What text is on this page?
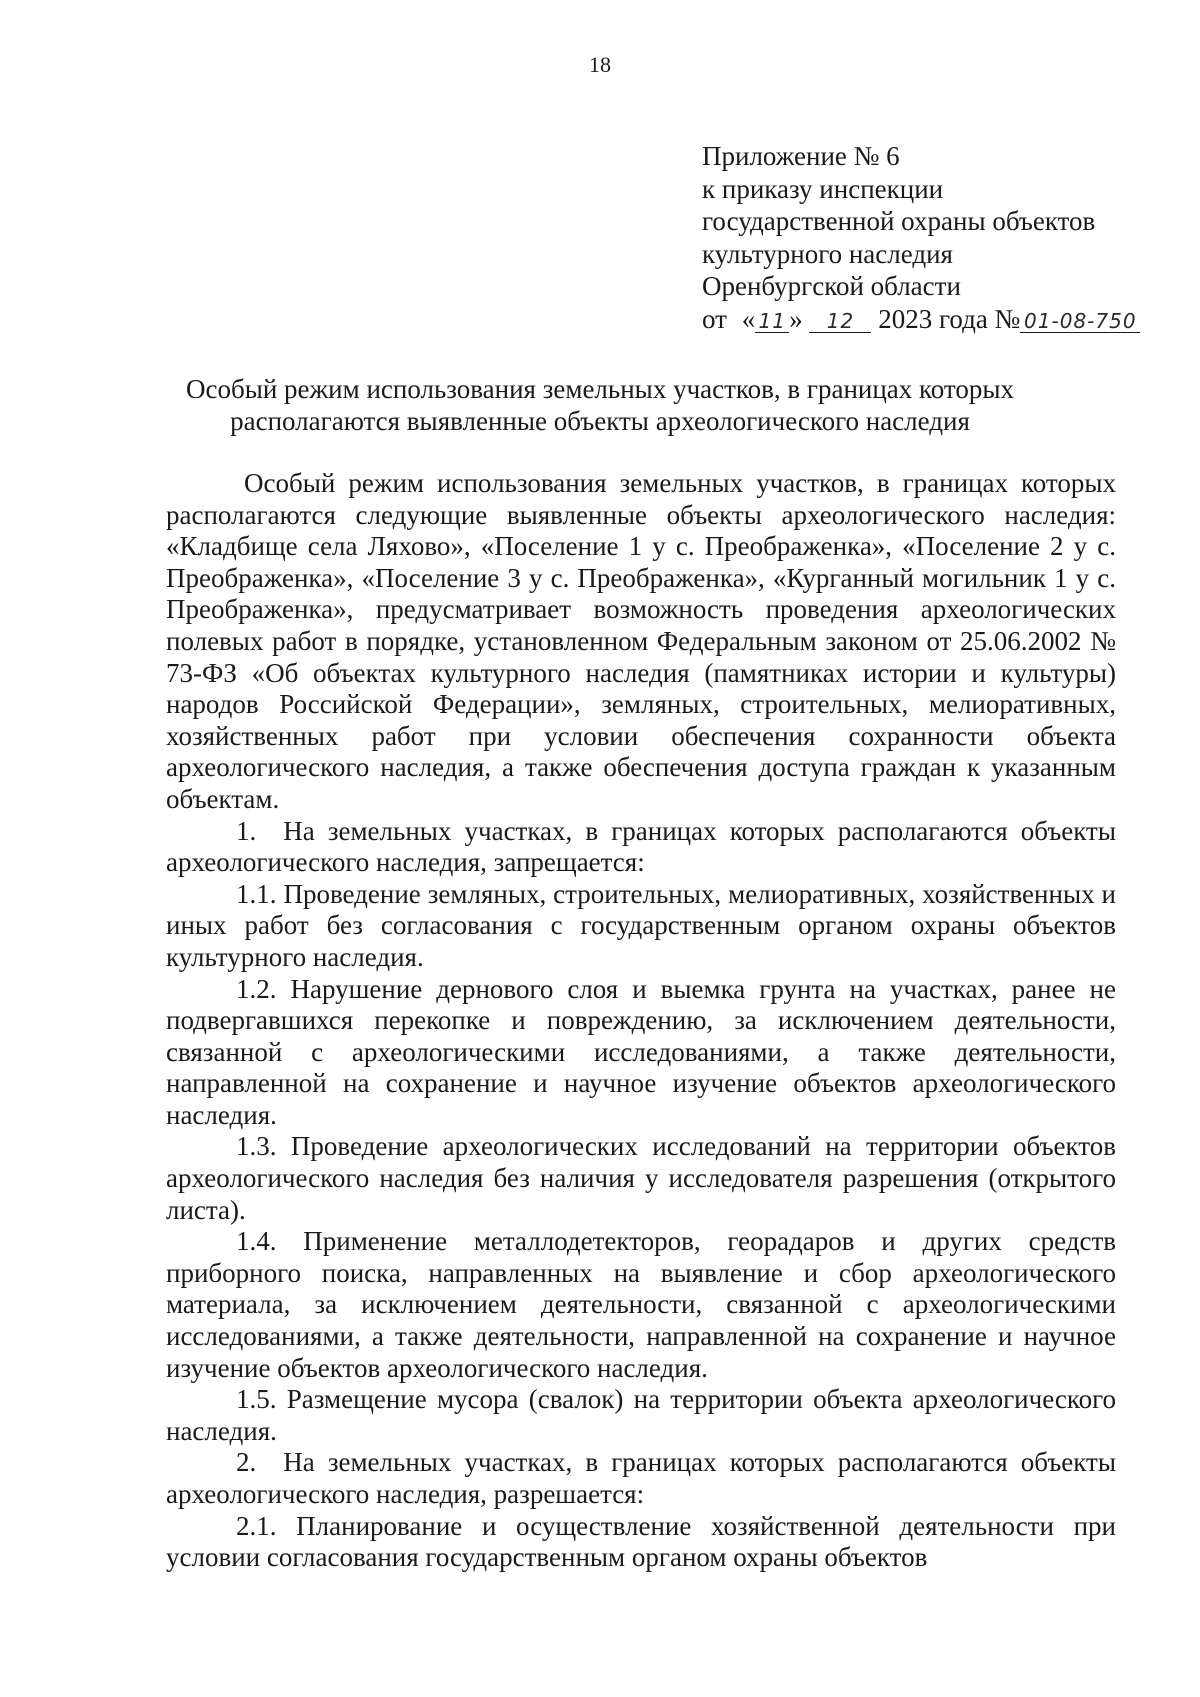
18
Приложение № 6
к приказу инспекции
государственной охраны объектов
культурного наследия
Оренбургской области
от « 11 » 12 2023 года № 01-08-750
Особый режим использования земельных участков, в границах которых
располагаются выявленные объекты археологического наследия

Особый режим использования земельных участков, в границах которых располагаются следующие выявленные объекты археологического наследия: «Кладбище села Ляхово», «Поселение 1 у с. Преображенка», «Поселение 2 у с. Преображенка», «Поселение 3 у с. Преображенка», «Курганный могильник 1 у с. Преображенка», предусматривает возможность проведения археологических полевых работ в порядке, установленном Федеральным законом от 25.06.2002 № 73-ФЗ «Об объектах культурного наследия (памятниках истории и культуры) народов Российской Федерации», земляных, строительных, мелиоративных, хозяйственных работ при условии обеспечения сохранности объекта археологического наследия, а также обеспечения доступа граждан к указанным объектам.

1. На земельных участках, в границах которых располагаются объекты археологического наследия, запрещается:

1.1. Проведение земляных, строительных, мелиоративных, хозяйственных и иных работ без согласования с государственным органом охраны объектов культурного наследия.

1.2. Нарушение дернового слоя и выемка грунта на участках, ранее не подвергавшихся перекопке и повреждению, за исключением деятельности, связанной с археологическими исследованиями, а также деятельности, направленной на сохранение и научное изучение объектов археологического наследия.

1.3. Проведение археологических исследований на территории объектов археологического наследия без наличия у исследователя разрешения (открытого листа).

1.4. Применение металлодетекторов, георадаров и других средств приборного поиска, направленных на выявление и сбор археологического материала, за исключением деятельности, связанной с археологическими исследованиями, а также деятельности, направленной на сохранение и научное изучение объектов археологического наследия.

1.5. Размещение мусора (свалок) на территории объекта археологического наследия.

2. На земельных участках, в границах которых располагаются объекты археологического наследия, разрешается:

2.1. Планирование и осуществление хозяйственной деятельности при условии согласования государственным органом охраны объектов
